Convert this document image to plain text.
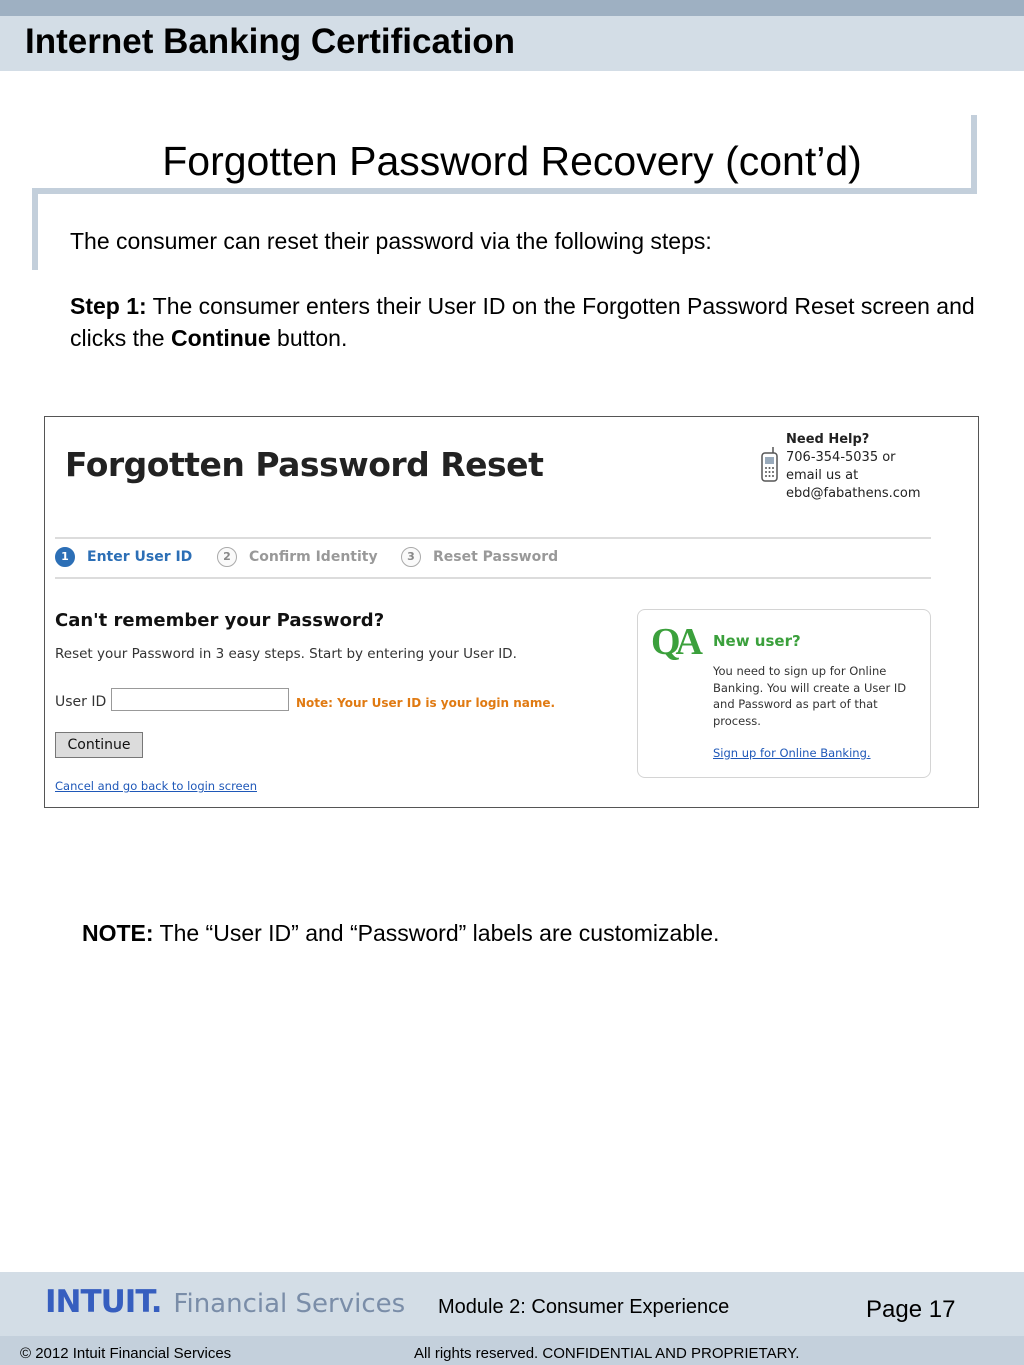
Internet Banking Certification
Forgotten Password Recovery (cont’d)
The consumer can reset their password via the following steps:
Step 1: The consumer enters their User ID on the Forgotten Password Reset screen and clicks the Continue button.
Forgotten Password Reset
Need Help?
706-354-5035 or
email us at
ebd@fabathens.com
1	Enter User ID	2	Confirm Identity	3	Reset Password
Can't remember your Password?
Reset your Password in 3 easy steps. Start by entering your User ID.
User ID	Note: Your User ID is your login name.
Continue
Cancel and go back to login screen
QA New user?
You need to sign up for Online Banking. You will create a User ID and Password as part of that process.
Sign up for Online Banking.
NOTE: The “User ID” and “Password” labels are customizable.
INTUIT. Financial Services Module 2: Consumer Experience	Page 17
© 2012 Intuit Financial Services	All rights reserved. CONFIDENTIAL AND PROPRIETARY.
